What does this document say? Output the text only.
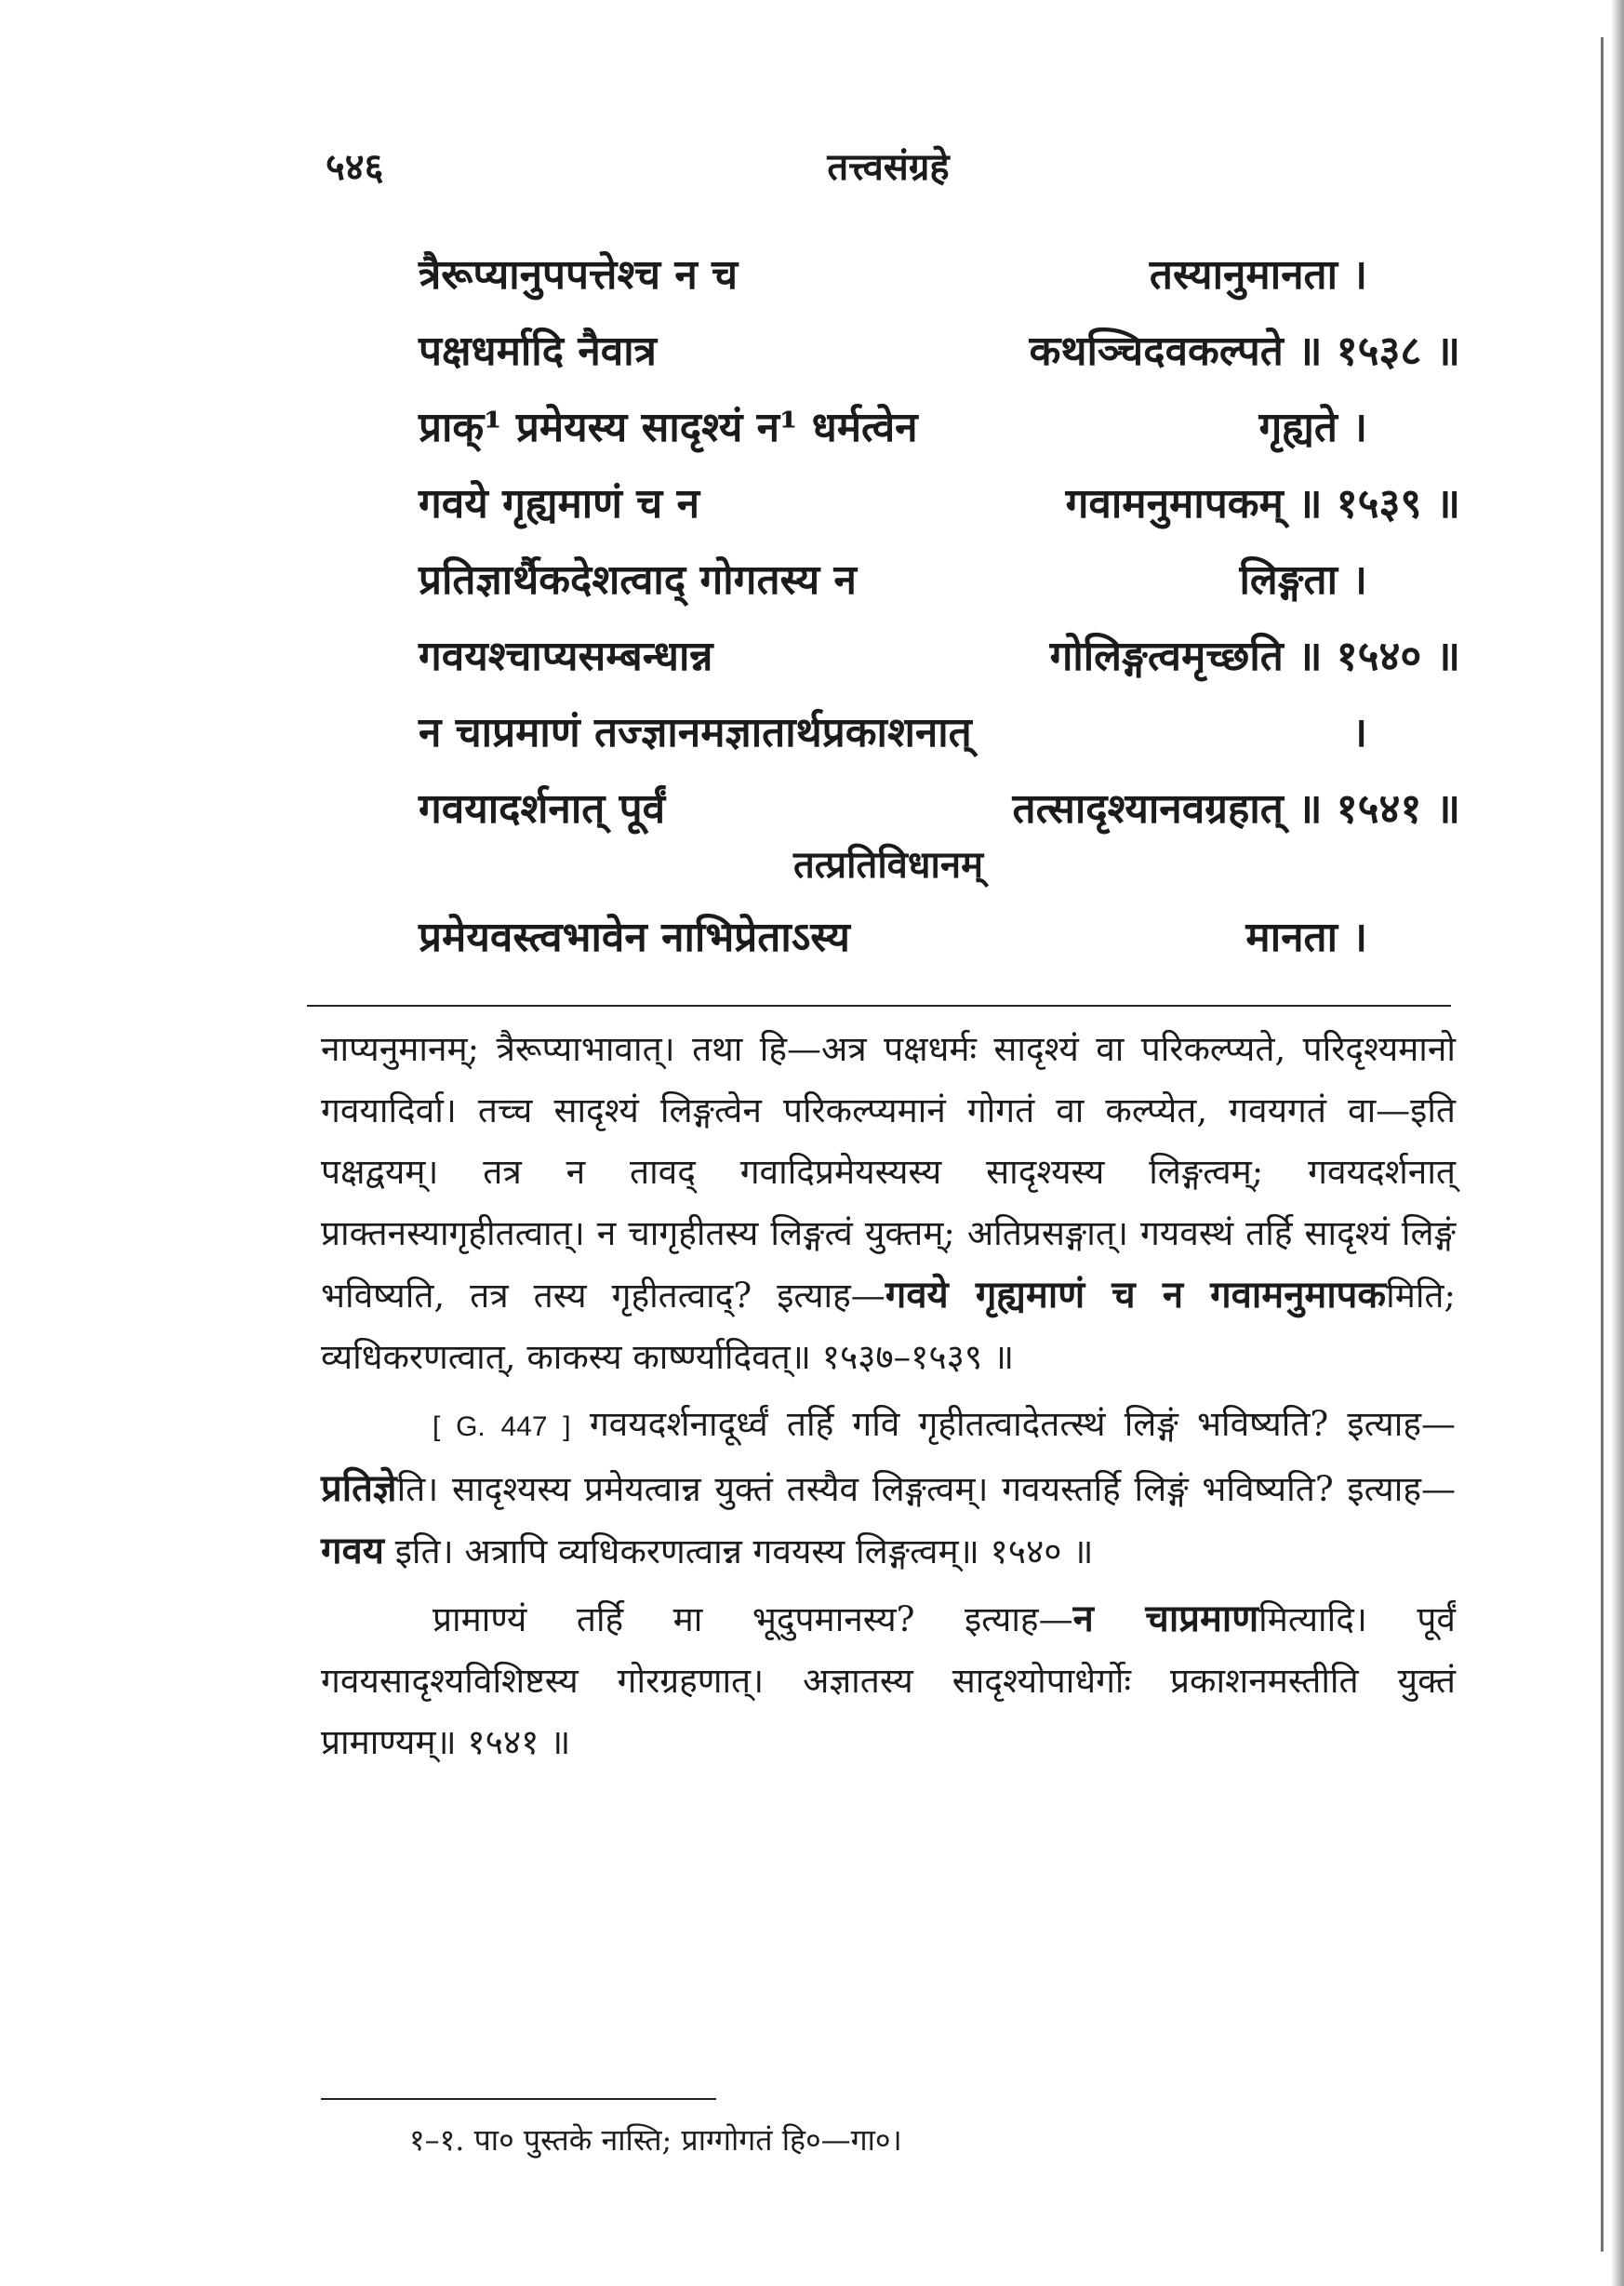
५४६	तत्त्वसंग्रहे
त्रैरूप्यानुपपत्तेश्च न च	तस्यानुमानता ।
पक्षधर्मादि नैवात्र	कथञ्चिदवकल्पते ॥ १५३८ ॥
प्राक्¹ प्रमेयस्य सादृश्यं न¹ धर्मत्वेन	गृह्यते ।
गवये गृह्यमाणं च न	गवामनुमापकम् ॥ १५३९ ॥
प्रतिज्ञार्थैकदेशत्वाद् गोगतस्य न	लिङ्गता ।
गवयश्चाप्यसम्बन्धान्न	गोलिङ्गत्वमृच्छति ॥ १५४० ॥
न चाप्रमाणं तज्ज्ञानमज्ञातार्थप्रकाशनात्	।
गवयादर्शनात् पूर्वं	तत्सादृश्यानवग्रहात् ॥ १५४१ ॥
तत्प्रतिविधानम्
प्रमेयवस्त्वभावेन नाभिप्रेताऽस्य	मानता ।

नाप्यनुमानम्; त्रैरूप्याभावात्। तथा हि—अत्र पक्षधर्मः सादृश्यं वा परिकल्प्यते, परिदृश्यमानो गवयादिर्वा। तच्च सादृश्यं लिङ्गत्वेन परिकल्प्यमानं गोगतं वा कल्प्येत, गवयगतं वा—इति पक्षद्वयम्। तत्र न तावद् गवादिप्रमेयस्यस्य सादृश्यस्य लिङ्गत्वम्; गवयदर्शनात् प्राक्तनस्यागृहीतत्वात्। न चागृहीतस्य लिङ्गत्वं युक्तम्; अतिप्रसङ्गात्। गयवस्थं तर्हि सादृश्यं लिङ्गं भविष्यति, तत्र तस्य गृहीतत्वाद्? इत्याह—गवये गृह्यमाणं च न गवामनुमापकमिति; व्यधिकरणत्वात्, काकस्य कार्ष्ण्यादिवत्॥ १५३७–१५३९ ॥

[ G. 447 ] गवयदर्शनादूर्ध्वं तर्हि गवि गृहीतत्वादेतत्स्थं लिङ्गं भविष्यति? इत्याह—प्रतिज्ञेति। सादृश्यस्य प्रमेयत्वान्न युक्तं तस्यैव लिङ्गत्वम्। गवयस्तर्हि लिङ्गं भविष्यति? इत्याह—गवय इति। अत्रापि व्यधिकरणत्वान्न गवयस्य लिङ्गत्वम्॥ १५४० ॥

प्रामाण्यं तर्हि मा भूदुपमानस्य? इत्याह—न चाप्रमाणमित्यादि। पूर्वं गवयसादृश्यविशिष्टस्य गोरग्रहणात्। अज्ञातस्य सादृश्योपाधेर्गोः प्रकाशनमस्तीति युक्तं प्रामाण्यम्॥ १५४१ ॥

१–१. पा० पुस्तके नास्ति; प्राग्गोगतं हि०—गा०।
